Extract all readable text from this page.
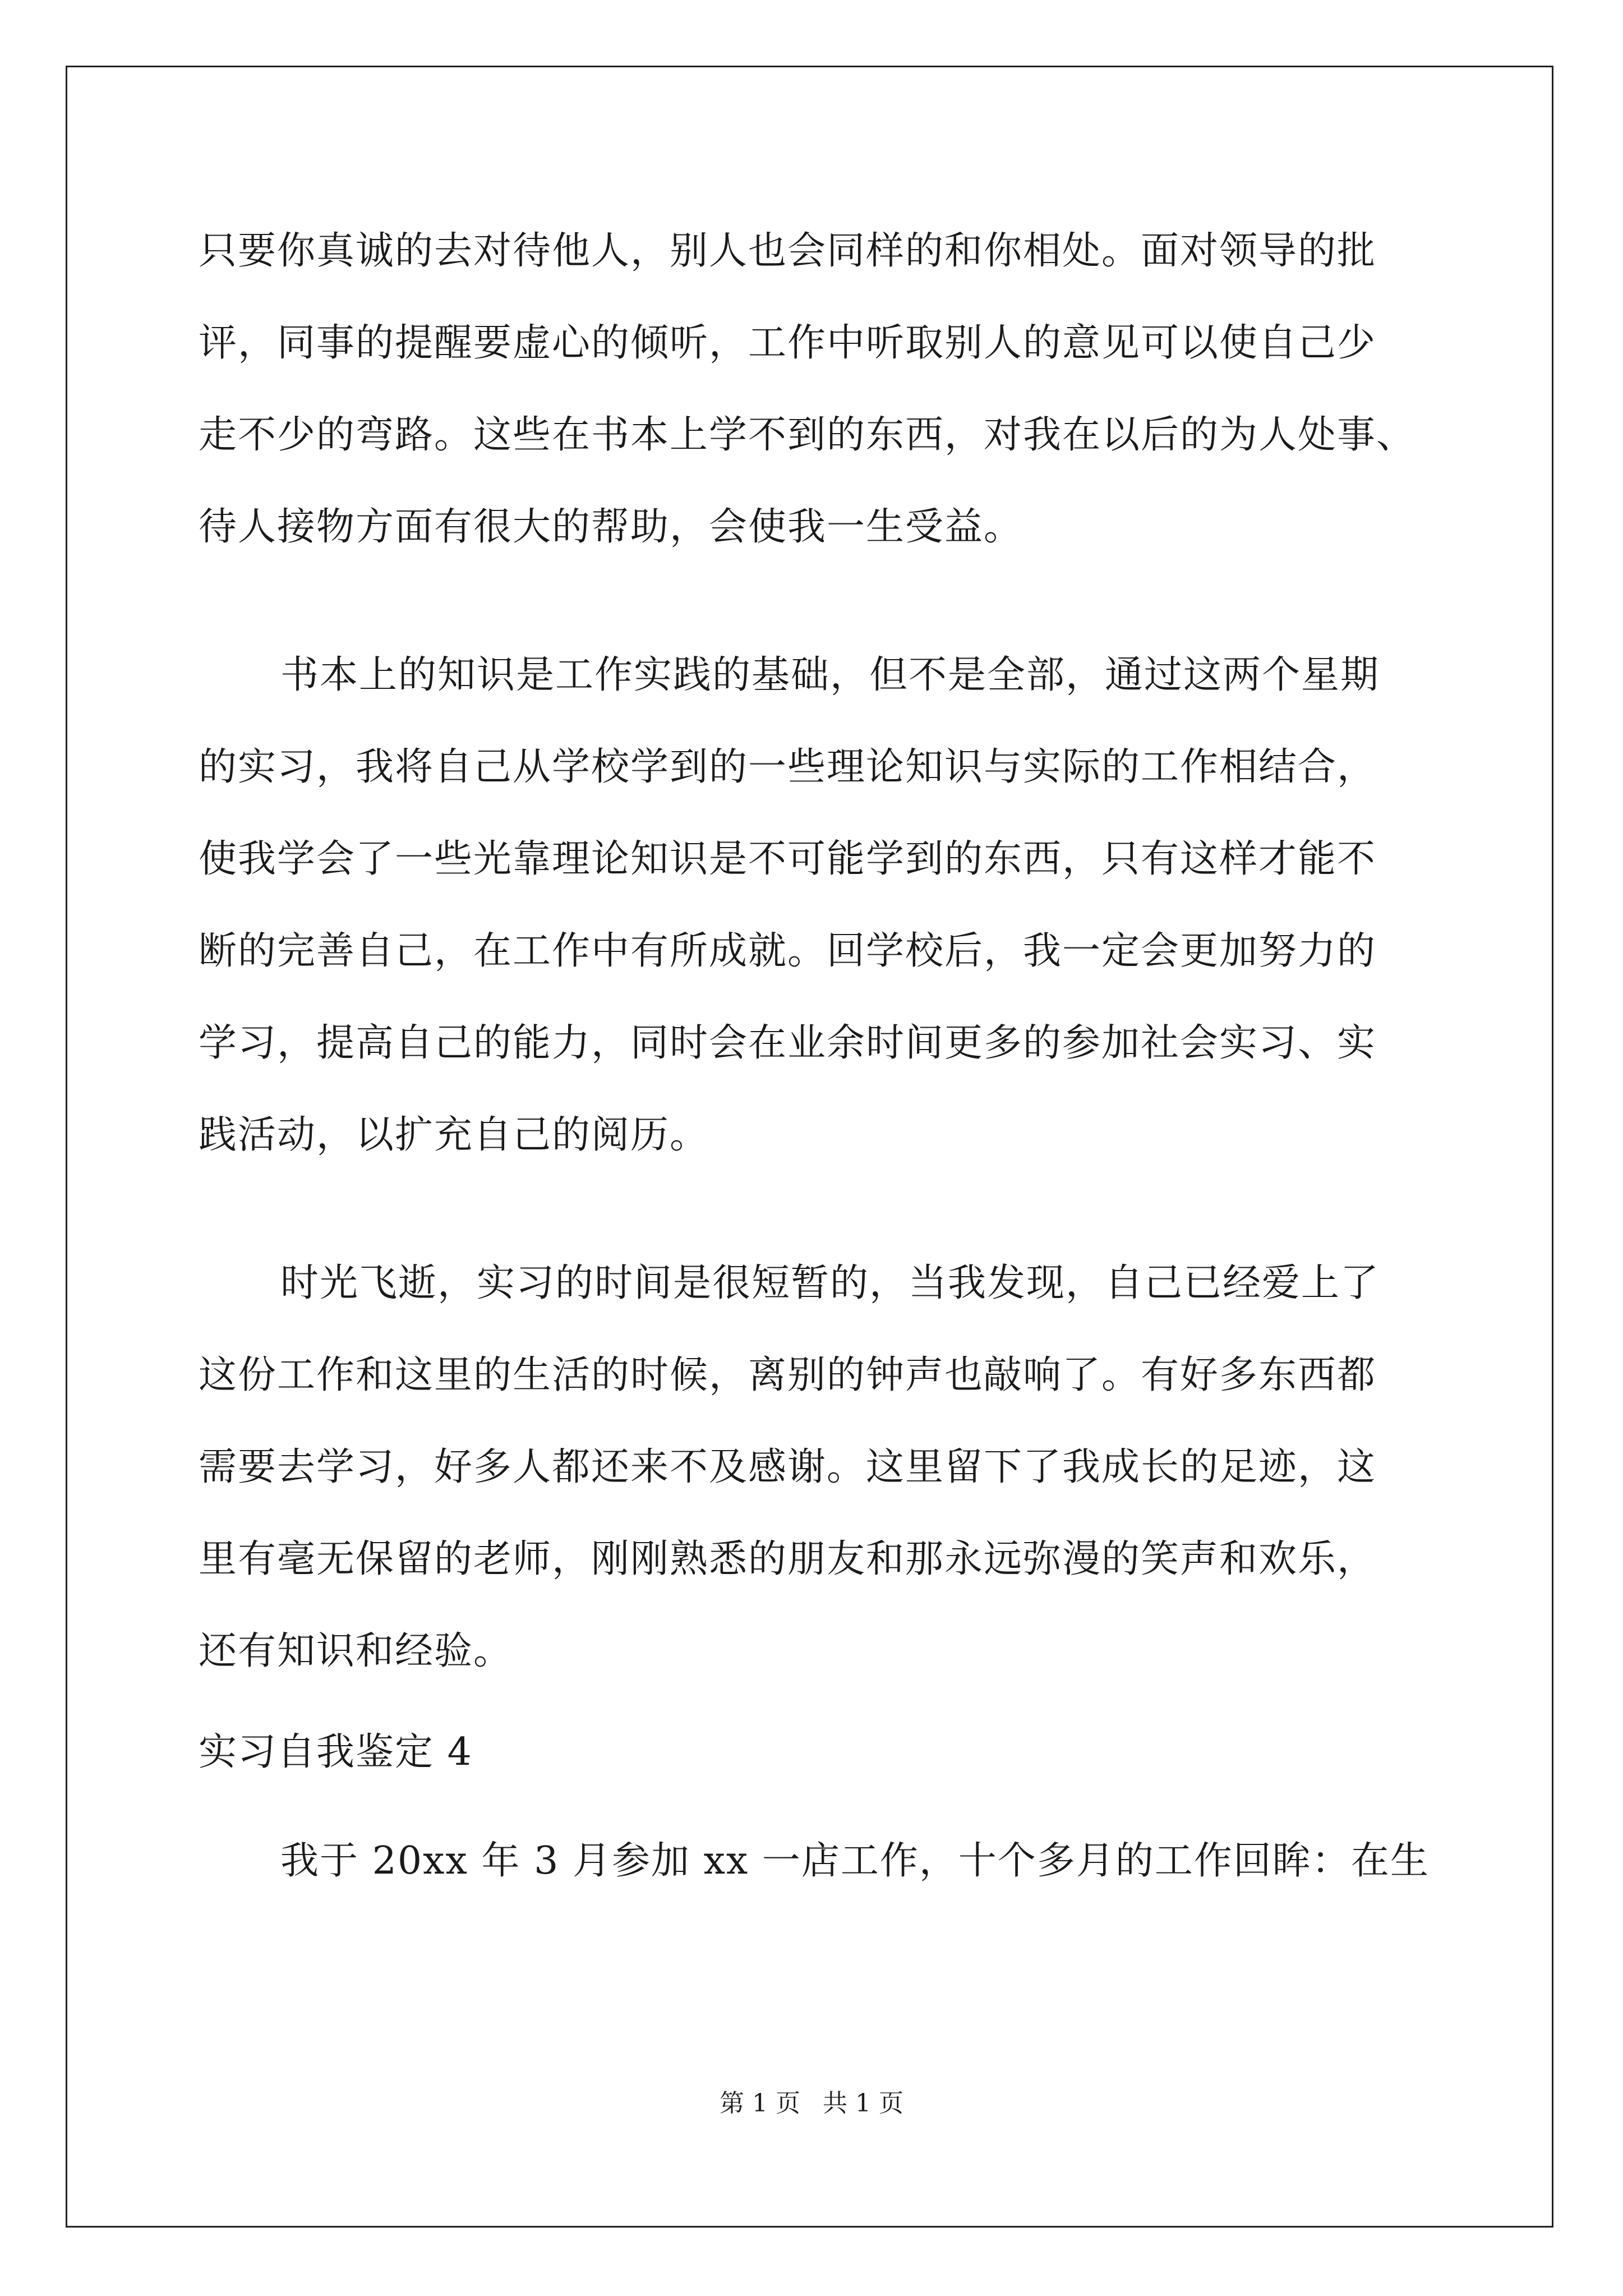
只要你真诚的去对待他人，别人也会同样的和你相处。面对领导的批
评，同事的提醒要虚心的倾听，工作中听取别人的意见可以使自己少
走不少的弯路。这些在书本上学不到的东西，对我在以后的为人处事、
待人接物方面有很大的帮助，会使我一生受益。
书本上的知识是工作实践的基础，但不是全部，通过这两个星期
的实习，我将自己从学校学到的一些理论知识与实际的工作相结合，
使我学会了一些光靠理论知识是不可能学到的东西，只有这样才能不
断的完善自己，在工作中有所成就。回学校后，我一定会更加努力的
学习，提高自己的能力，同时会在业余时间更多的参加社会实习、实
践活动，以扩充自己的阅历。
时光飞逝，实习的时间是很短暂的，当我发现，自己已经爱上了
这份工作和这里的生活的时候，离别的钟声也敲响了。有好多东西都
需要去学习，好多人都还来不及感谢。这里留下了我成长的足迹，这
里有毫无保留的老师，刚刚熟悉的朋友和那永远弥漫的笑声和欢乐，
还有知识和经验。
实习自我鉴定 4
我于 20xx 年 3 月参加 xx 一店工作，十个多月的工作回眸：在生
第 1 页 共 1 页
